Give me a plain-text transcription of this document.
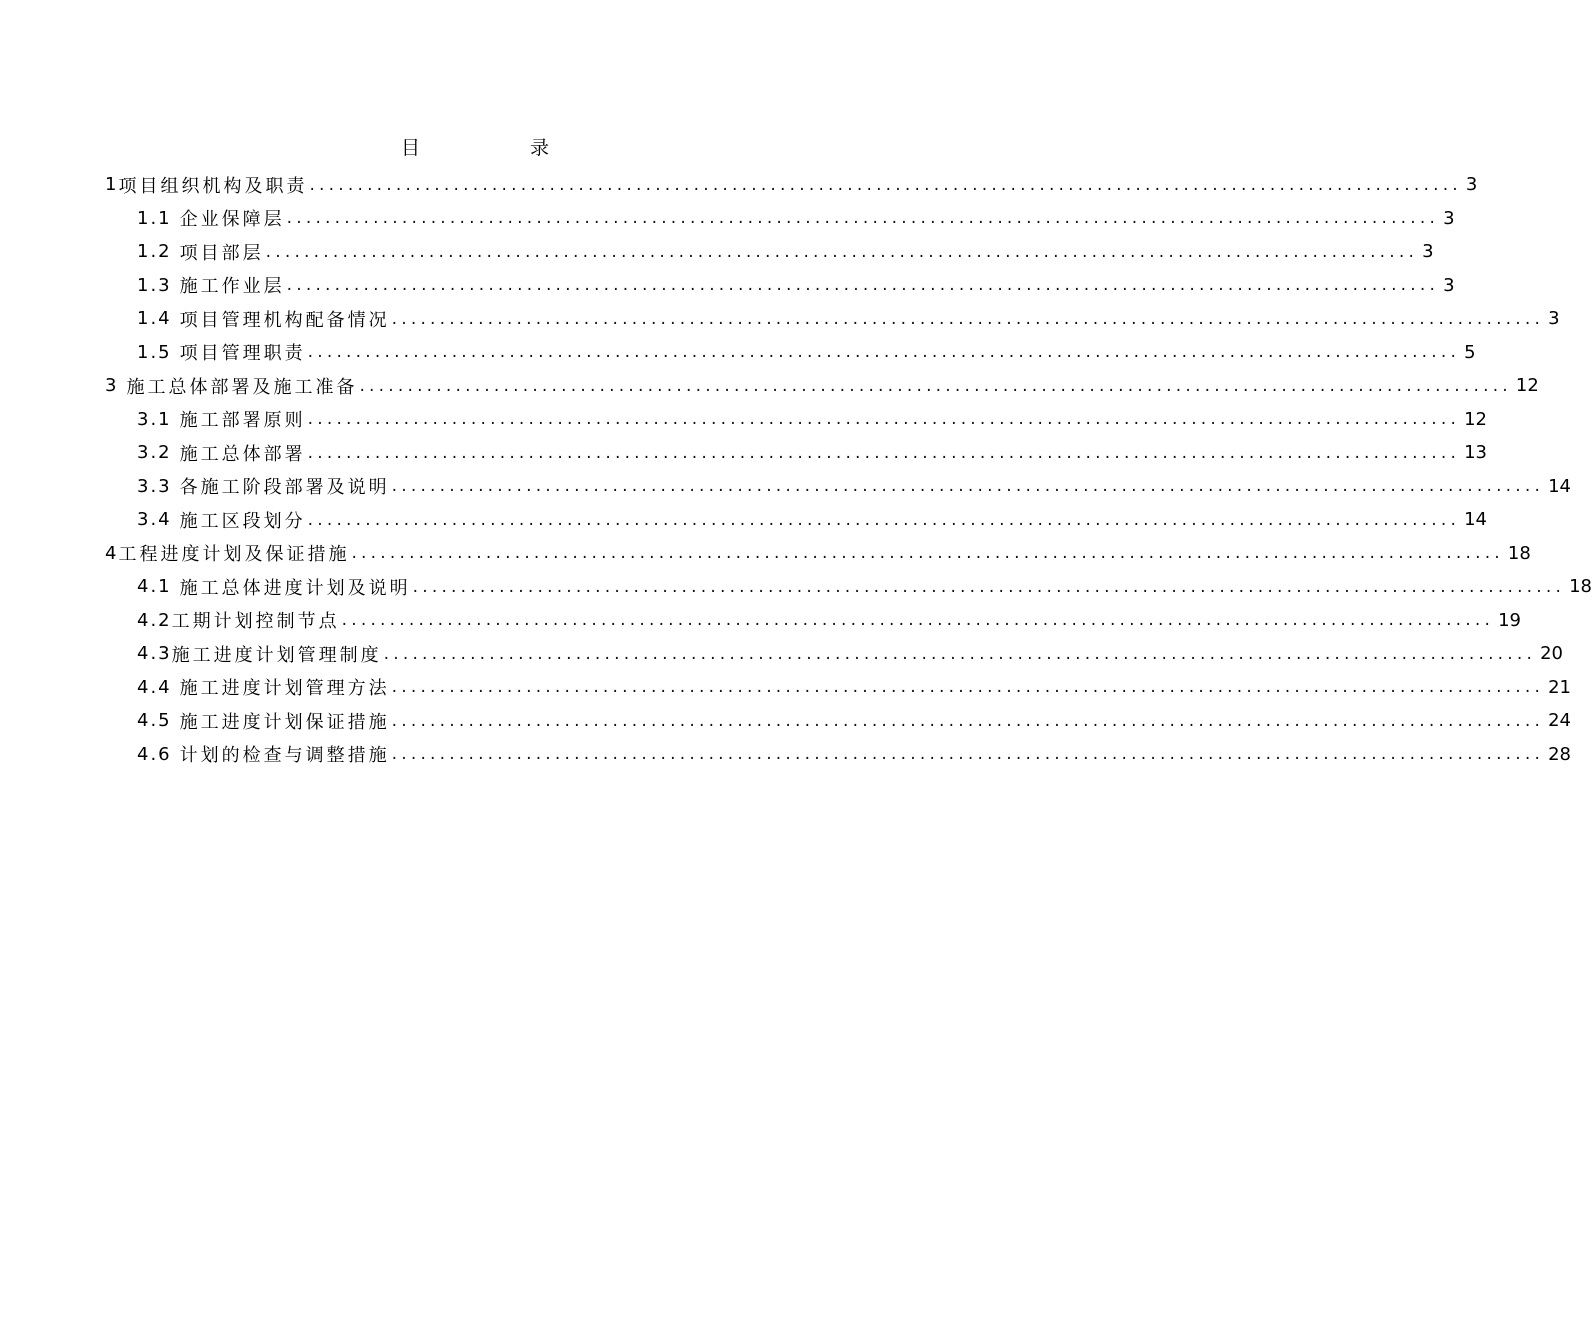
目 录
1 项目组织机构及职责 ........................................................................................................................ 3
1.1 企业保障层 ........................................................................................................................ 3
1.2 项目部层 ........................................................................................................................ 3
1.3 施工作业层 ........................................................................................................................ 3
1.4 项目管理机构配备情况 ........................................................................................................................ 3
1.5 项目管理职责 ........................................................................................................................ 5
3 施工总体部署及施工准备 ........................................................................................................................ 12
3.1 施工部署原则 ........................................................................................................................ 12
3.2 施工总体部署 ........................................................................................................................ 13
3.3 各施工阶段部署及说明 ........................................................................................................................ 14
3.4 施工区段划分 ........................................................................................................................ 14
4 工程进度计划及保证措施 ........................................................................................................................ 18
4.1 施工总体进度计划及说明 ........................................................................................................................ 18
4.2 工期计划控制节点 ........................................................................................................................ 19
4.3 施工进度计划管理制度 ........................................................................................................................ 20
4.4 施工进度计划管理方法 ........................................................................................................................ 21
4.5 施工进度计划保证措施 ........................................................................................................................ 24
4.6 计划的检查与调整措施 ........................................................................................................................ 28
